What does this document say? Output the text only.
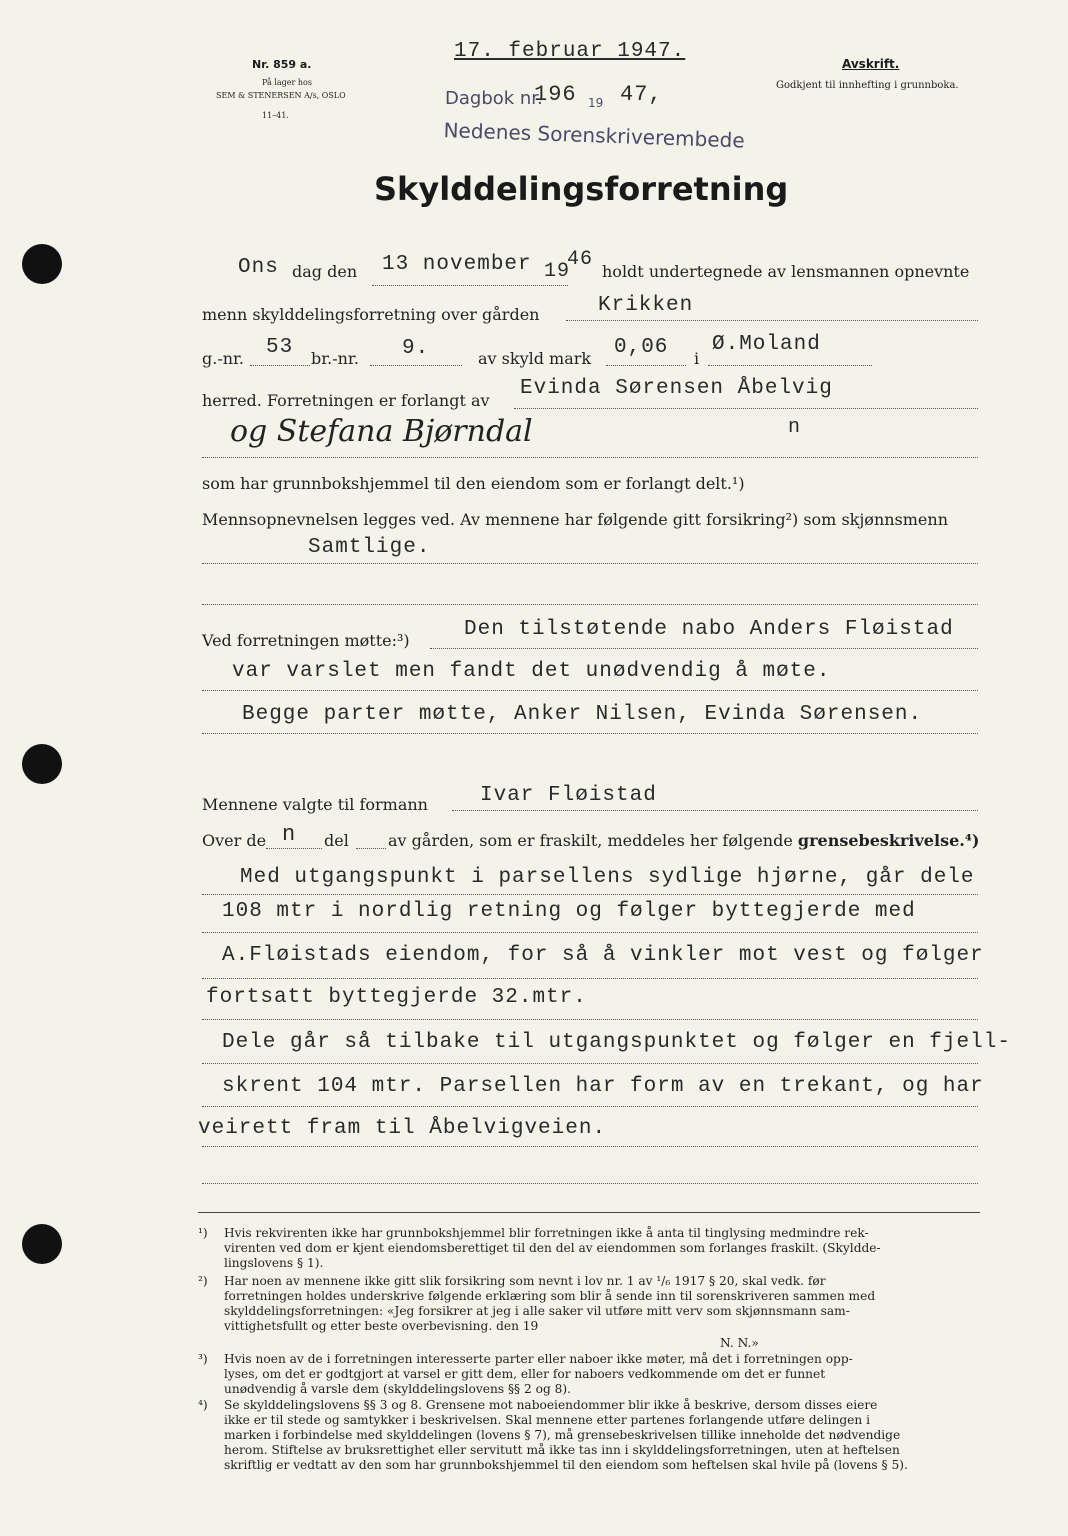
Nr. 859 a.
På lager hos
SEM & STENERSEN A/s, OSLO
11–41.
17. februar 1947.
Dagbok nr.
196 19 47,
Nedenes Sorenskriverembede
Avskrift.
Godkjent til innhefting i grunnboka.
Skylddelingsforretning
Ons dag den 13 november 19
46
holdt undertegnede av lensmannen opnevnte
menn skylddelingsforretning over gården	Krikken
g.-nr. 53 br.-nr. 9.	av skyld mark 0,06 i
Ø.Moland
herred. Forretningen er forlangt av
Evinda Sørensen Åbelvig
og Stefana Bjørndal	n
som har grunnbokshjemmel til den eiendom som er forlangt delt.¹)
Mennsopnevnelsen legges ved. Av mennene har følgende gitt forsikring²) som skjønnsmenn
Samtlige.
Ved forretningen møtte:³)	Den tilstøtende nabo Anders Fløistad
var varslet men fandt det unødvendig å møte.
Begge parter møtte, Anker Nilsen, Evinda Sørensen.
Mennene valgte til formann Ivar Fløistad
Over de n del av gården, som er fraskilt, meddeles her følgende grensebeskrivelse.⁴)
Med utgangspunkt i parsellens sydlige hjørne, går dele
108 mtr i nordlig retning og følger byttegjerde med
A.Fløistads eiendom, for så å vinkler mot vest og følger
fortsatt byttegjerde 32.mtr.
Dele går så tilbake til utgangspunktet og følger en fjell-
skrent 104 mtr. Parsellen har form av en trekant, og har
veirett fram til Åbelvigveien.
¹) Hvis rekvirenten ikke har grunnbokshjemmel blir forretningen ikke å anta til tinglysing medmindre rek-
virenten ved dom er kjent eiendomsberettiget til den del av eiendommen som forlanges fraskilt. (Skyldde-
lingslovens § 1).
²) Har noen av mennene ikke gitt slik forsikring som nevnt i lov nr. 1 av ¹/₆ 1917 § 20, skal vedk. før
forretningen holdes underskrive følgende erklæring som blir å sende inn til sorenskriveren sammen med
skylddelingsforretningen: «Jeg forsikrer at jeg i alle saker vil utføre mitt verv som skjønnsmann sam-
vittighetsfullt og etter beste overbevisning. den 19
N. N.»
³) Hvis noen av de i forretningen interesserte parter eller naboer ikke møter, må det i forretningen opp-
lyses, om det er godtgjort at varsel er gitt dem, eller for naboers vedkommende om det er funnet
unødvendig å varsle dem (skylddelingslovens §§ 2 og 8).
⁴) Se skylddelingslovens §§ 3 og 8. Grensene mot naboeiendommer blir ikke å beskrive, dersom disses eiere
ikke er til stede og samtykker i beskrivelsen. Skal mennene etter partenes forlangende utføre delingen i
marken i forbindelse med skylddelingen (lovens § 7), må grensebeskrivelsen tillike inneholde det nødvendige
herom. Stiftelse av bruksrettighet eller servitutt må ikke tas inn i skylddelingsforretningen, uten at heftelsen
skriftlig er vedtatt av den som har grunnbokshjemmel til den eiendom som heftelsen skal hvile på (lovens § 5).
